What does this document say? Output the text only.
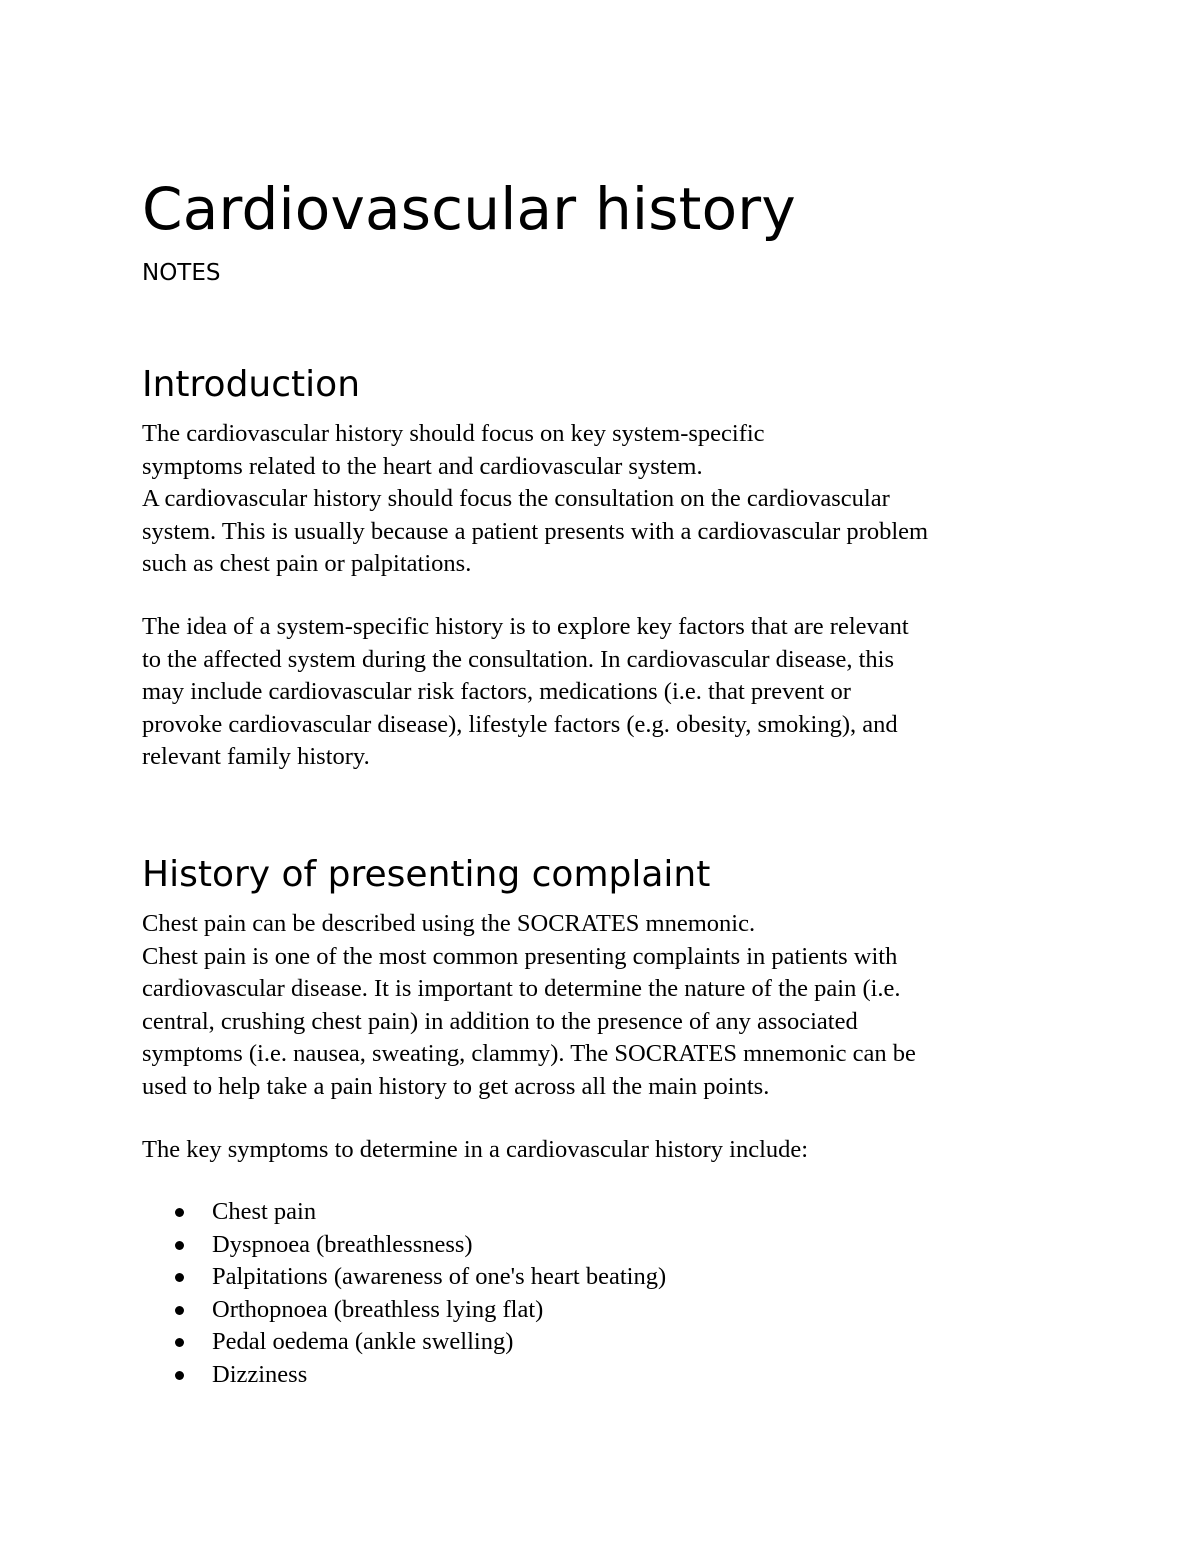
Cardiovascular history
NOTES
Introduction

The cardiovascular history should focus on key system-specific
symptoms related to the heart and cardiovascular system.
A cardiovascular history should focus the consultation on the cardiovascular
system. This is usually because a patient presents with a cardiovascular problem
such as chest pain or palpitations.

The idea of a system-specific history is to explore key factors that are relevant
to the affected system during the consultation. In cardiovascular disease, this
may include cardiovascular risk factors, medications (i.e. that prevent or
provoke cardiovascular disease), lifestyle factors (e.g. obesity, smoking), and
relevant family history.

History of presenting complaint

Chest pain can be described using the SOCRATES mnemonic.
Chest pain is one of the most common presenting complaints in patients with
cardiovascular disease. It is important to determine the nature of the pain (i.e.
central, crushing chest pain) in addition to the presence of any associated
symptoms (i.e. nausea, sweating, clammy). The SOCRATES mnemonic can be
used to help take a pain history to get across all the main points.

The key symptoms to determine in a cardiovascular history include:

Chest pain
Dyspnoea (breathlessness)
Palpitations (awareness of one's heart beating)
Orthopnoea (breathless lying flat)
Pedal oedema (ankle swelling)
Dizziness
